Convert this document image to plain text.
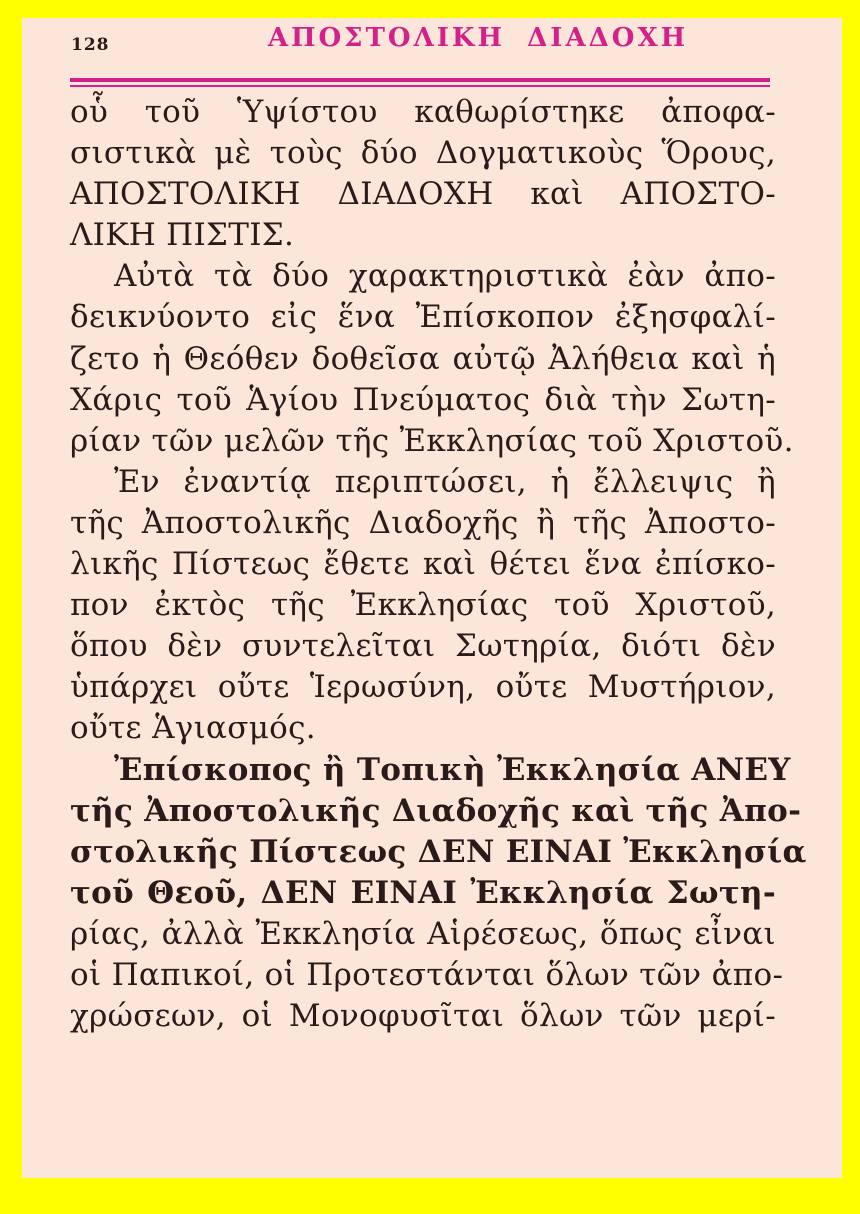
128	ΑΠΟΣΤΟΛΙΚΗ ΔΙΑΔΟΧΗ
οὗ τοῦ Ὑψίστου καθωρίστηκε ἀποφα-
σιστικὰ μὲ τοὺς δύο Δογματικοὺς Ὅρους,
ΑΠΟΣΤΟΛΙΚΗ ΔΙΑΔΟΧΗ καὶ ΑΠΟΣΤΟ-
ΛΙΚΗ ΠΙΣΤΙΣ.
Αὐτὰ τὰ δύο χαρακτηριστικὰ ἐὰν ἀπο-
δεικνύοντο εἰς ἕνα Ἐπίσκοπον ἐξησφαλί-
ζετο ἡ Θεόθεν δοθεῖσα αὐτῷ Ἀλήθεια καὶ ἡ
Χάρις τοῦ Ἁγίου Πνεύματος διὰ τὴν Σωτη-
ρίαν τῶν μελῶν τῆς Ἐκκλησίας τοῦ Χριστοῦ.
Ἐν ἐναντίᾳ περιπτώσει, ἡ ἔλλειψις ἢ
τῆς Ἀποστολικῆς Διαδοχῆς ἢ τῆς Ἀποστο-
λικῆς Πίστεως ἔθετε καὶ θέτει ἕνα ἐπίσκο-
πον ἐκτὸς τῆς Ἐκκλησίας τοῦ Χριστοῦ,
ὅπου δὲν συντελεῖται Σωτηρία, διότι δὲν
ὑπάρχει οὔτε Ἱερωσύνη, οὔτε Μυστήριον,
οὔτε Ἁγιασμός.
Ἐπίσκοπος ἢ Τοπικὴ Ἐκκλησία ΑΝΕΥ
τῆς Ἀποστολικῆς Διαδοχῆς καὶ τῆς Ἀπο-
στολικῆς Πίστεως ΔΕΝ ΕΙΝΑΙ Ἐκκλησία
τοῦ Θεοῦ, ΔΕΝ ΕΙΝΑΙ Ἐκκλησία Σωτη-
ρίας, ἀλλὰ Ἐκκλησία Αἱρέσεως, ὅπως εἶναι
οἱ Παπικοί, οἱ Προτεστάνται ὅλων τῶν ἀπο-
χρώσεων, οἱ Μονοφυσῖται ὅλων τῶν μερί-
